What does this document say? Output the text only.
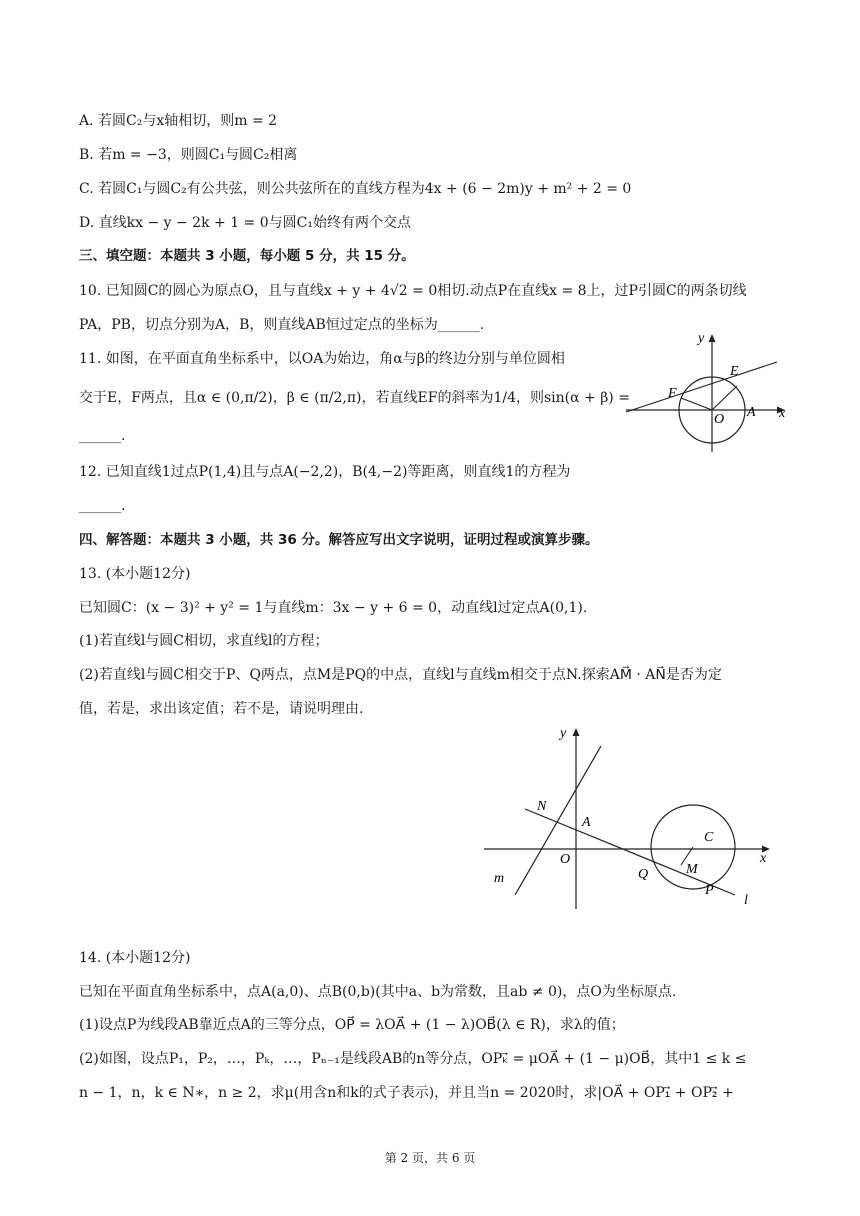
A. 若圆C₂与x轴相切，则m = 2
B. 若m = −3，则圆C₁与圆C₂相离
C. 若圆C₁与圆C₂有公共弦，则公共弦所在的直线方程为4x + (6 − 2m)y + m² + 2 = 0
D. 直线kx − y − 2k + 1 = 0与圆C₁始终有两个交点
三、填空题：本题共 3 小题，每小题 5 分，共 15 分。
10. 已知圆C的圆心为原点O，且与直线x + y + 4√2 = 0相切.动点P在直线x = 8上，过P引圆C的两条切线
PA，PB，切点分别为A，B，则直线AB恒过定点的坐标为______.
11. 如图，在平面直角坐标系中，以OA为始边，角α与β的终边分别与单位圆相
交于E，F两点，且α ∈ (0,π/2)，β ∈ (π/2,π)，若直线EF的斜率为1/4，则sin(α + β) =
______.
12. 已知直线1过点P(1,4)且与点A(−2,2)，B(4,−2)等距离，则直线1的方程为
______.
四、解答题：本题共 3 小题，共 36 分。解答应写出文字说明，证明过程或演算步骤。
13. (本小题12分)
已知圆C：(x − 3)² + y² = 1与直线m：3x − y + 6 = 0，动直线l过定点A(0,1).
(1)若直线l与圆C相切，求直线l的方程；
(2)若直线l与圆C相交于P、Q两点，点M是PQ的中点，直线l与直线m相交于点N.探索AM⃗ · AN⃗是否为定
值，若是，求出该定值；若不是，请说明理由.
14. (本小题12分)
已知在平面直角坐标系中，点A(a,0)、点B(0,b)(其中a、b为常数，且ab ≠ 0)，点O为坐标原点.
(1)设点P为线段AB靠近点A的三等分点，OP⃗ = λOA⃗ + (1 − λ)OB⃗(λ ∈ R)，求λ的值；
(2)如图，设点P₁，P₂，…，Pₖ，…，Pₙ₋₁是线段AB的n等分点，OPₖ⃗ = μOA⃗ + (1 − μ)OB⃗，其中1 ≤ k ≤
n − 1，n，k ∈ N∗，n ≥ 2，求μ(用含n和k的式子表示)，并且当n = 2020时，求|OA⃗ + OP₁⃗ + OP₂⃗ +
y
x
E
F
O A
y
x
N
A
O
C
M
Q
P
m
l
第 2 页，共 6 页
